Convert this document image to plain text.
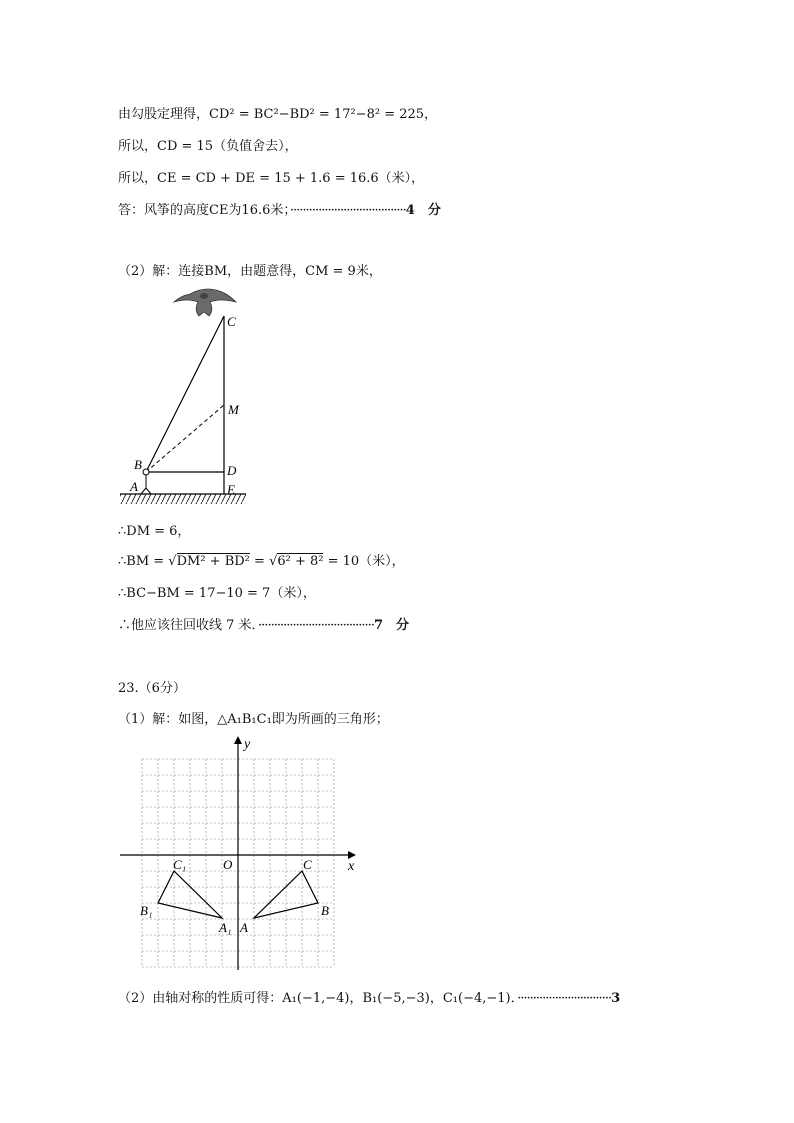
由勾股定理得，CD² = BC²−BD² = 17²−8² = 225，
所以，CD = 15（负值舍去），
所以，CE = CD + DE = 15 + 1.6 = 16.6（米），
答：风筝的高度CE为16.6米；·····································4　分
（2）解：连接BM，由题意得，CM = 9米，
C
M
B	D
A	E
∴DM = 6，
∴BM = √DM² + BD² = √6² + 8² = 10（米），
∴BC−BM = 17−10 = 7（米），
∴他应该往回收线 7 米．·····································7　分
23.（6分）
（1）解：如图，△A₁B₁C₁即为所画的三角形；
y
x
O
C₁	C
B₁	B
A₁ A
（2）由轴对称的性质可得：A₁(−1,−4)，B₁(−5,−3)，C₁(−4,−1)．······························3
